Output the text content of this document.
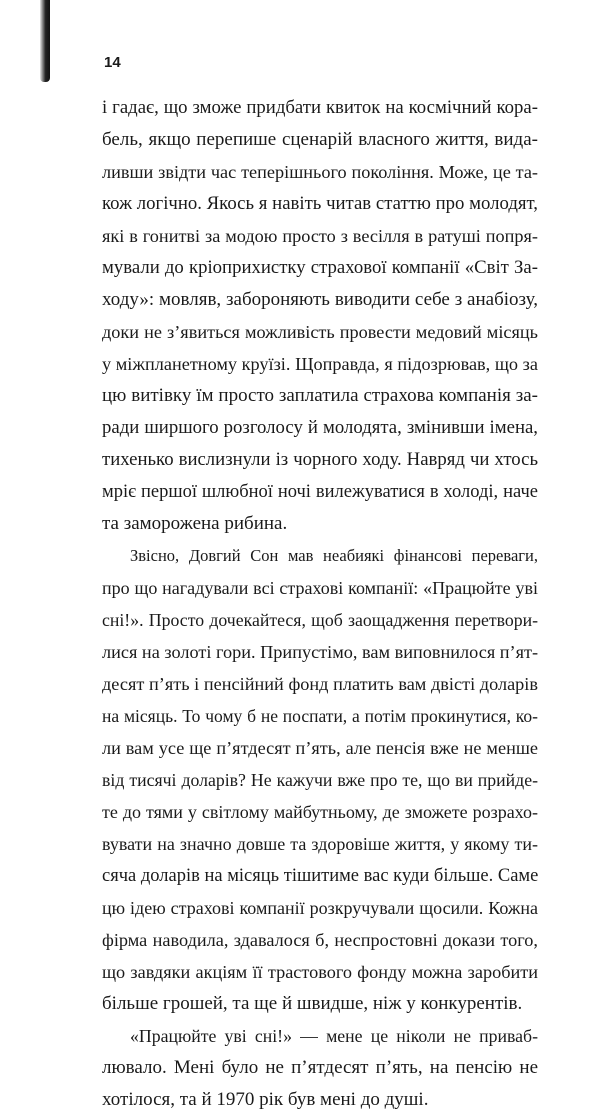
14
і гадає, що зможе придбати квиток на космічний кора-
бель, якщо перепише сценарій власного життя, вида-
ливши звідти час теперішнього покоління. Може, це та-
кож логічно. Якось я навіть читав статтю про молодят,
які в гонитві за модою просто з весілля в ратуші попря-
мували до кріоприхистку страхової компанії «Світ За-
ходу»: мовляв, забороняють виводити себе з анабіозу,
доки не з’явиться можливість провести медовий місяць
у міжпланетному круїзі. Щоправда, я підозрював, що за
цю витівку їм просто заплатила страхова компанія за-
ради ширшого розголосу й молодята, змінивши імена,
тихенько вислизнули із чорного ходу. Навряд чи хтось
мріє першої шлюбної ночі вилежуватися в холоді, наче
та заморожена рибина.
Звісно, Довгий Сон мав неабиякі фінансові переваги,
про що нагадували всі страхові компанії: «Працюйте уві
сні!». Просто дочекайтеся, щоб заощадження перетвори-
лися на золоті гори. Припустімо, вам виповнилося п’ят-
десят п’ять і пенсійний фонд платить вам двісті доларів
на місяць. То чому б не поспати, а потім прокинутися, ко-
ли вам усе ще п’ятдесят п’ять, але пенсія вже не менше
від тисячі доларів? Не кажучи вже про те, що ви прийде-
те до тями у світлому майбутньому, де зможете розрахо-
вувати на значно довше та здоровіше життя, у якому ти-
сяча доларів на місяць тішитиме вас куди більше. Саме
цю ідею страхові компанії розкручували щосили. Кожна
фірма наводила, здавалося б, неспростовні докази того,
що завдяки акціям її трастового фонду можна заробити
більше грошей, та ще й швидше, ніж у конкурентів.
«Працюйте уві сні!» — мене це ніколи не приваб-
лювало. Мені було не п’ятдесят п’ять, на пенсію не
хотілося, та й 1970 рік був мені до душі.
